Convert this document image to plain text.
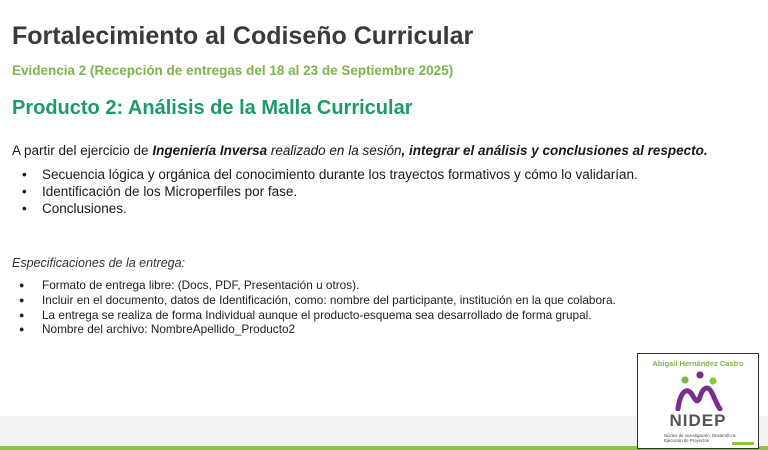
Fortalecimiento al Codiseño Curricular
Evidencia 2 (Recepción de entregas del 18 al 23 de Septiembre 2025)
Producto 2: Análisis de la Malla Curricular
A partir del ejercicio de Ingeniería Inversa realizado en la sesión, integrar el análisis y conclusiones al respecto.
• Secuencia lógica y orgánica del conocimiento durante los trayectos formativos y cómo lo validarían.
• Identificación de los Microperfiles por fase.
• Conclusiones.
Especificaciones de la entrega:
● Formato de entrega libre: (Docs, PDF, Presentación u otros).
● Incluir en el documento, datos de Identificación, como: nombre del participante, institución en la que colabora.
● La entrega se realiza de forma Individual aunque el producto-esquema sea desarrollado de forma grupal.
● Nombre del archivo: NombreApellido_Producto2
Abigail Hernández Castro
NIDEP
Núcleo de Investigación, Desarrollo & Ejecución de Proyectos
